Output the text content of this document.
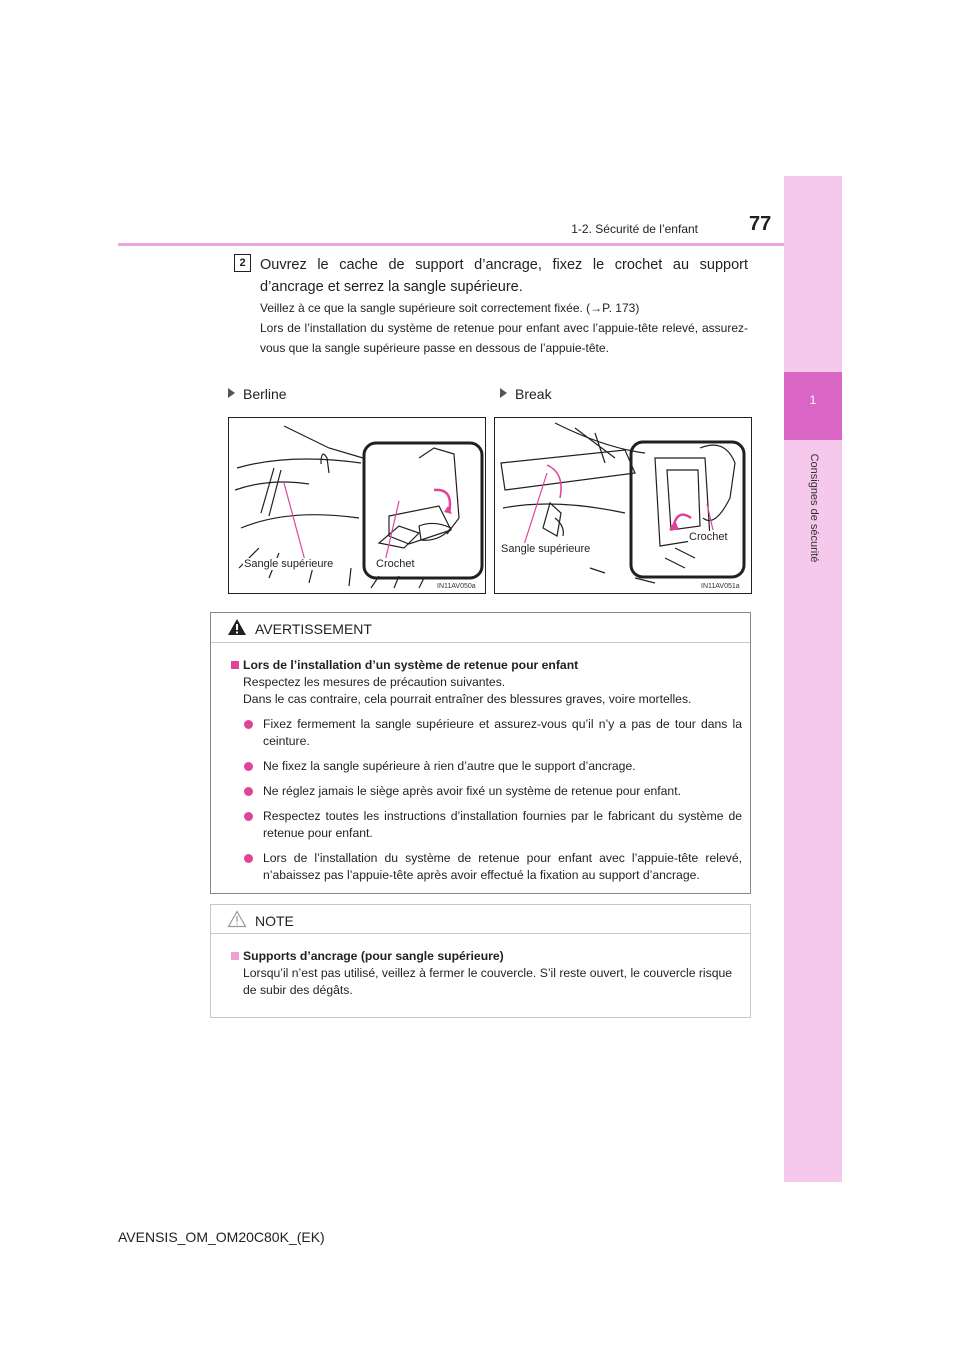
1
Consignes de sécurité
1-2. Sécurité de l’enfant	77
2 Ouvrez le cache de support d’ancrage, fixez le crochet au support d’ancrage et serrez la sangle supérieure.

Veillez à ce que la sangle supérieure soit correctement fixée. (→P. 173)

Lors de l’installation du système de retenue pour enfant avec l’appuie-tête relevé, assurez-vous que la sangle supérieure passe en dessous de l’appuie-tête.

Berline	Break
Sangle supérieure	Crochet
IN11AV050a
Sangle supérieure
Crochet
IN11AV051a
AVERTISSEMENT
Lors de l’installation d’un système de retenue pour enfant

Respectez les mesures de précaution suivantes.

Dans le cas contraire, cela pourrait entraîner des blessures graves, voire mortelles.

Fixez fermement la sangle supérieure et assurez-vous qu’il n’y a pas de tour dans la ceinture.
Ne fixez la sangle supérieure à rien d’autre que le support d’ancrage.
Ne réglez jamais le siège après avoir fixé un système de retenue pour enfant.
Respectez toutes les instructions d’installation fournies par le fabricant du système de retenue pour enfant.
Lors de l’installation du système de retenue pour enfant avec l’appuie-tête relevé, n’abaissez pas l’appuie-tête après avoir effectué la fixation au support d’ancrage.
NOTE
Supports d’ancrage (pour sangle supérieure)

Lorsqu’il n’est pas utilisé, veillez à fermer le couvercle. S’il reste ouvert, le couvercle risque de subir des dégâts.

AVENSIS_OM_OM20C80K_(EK)
